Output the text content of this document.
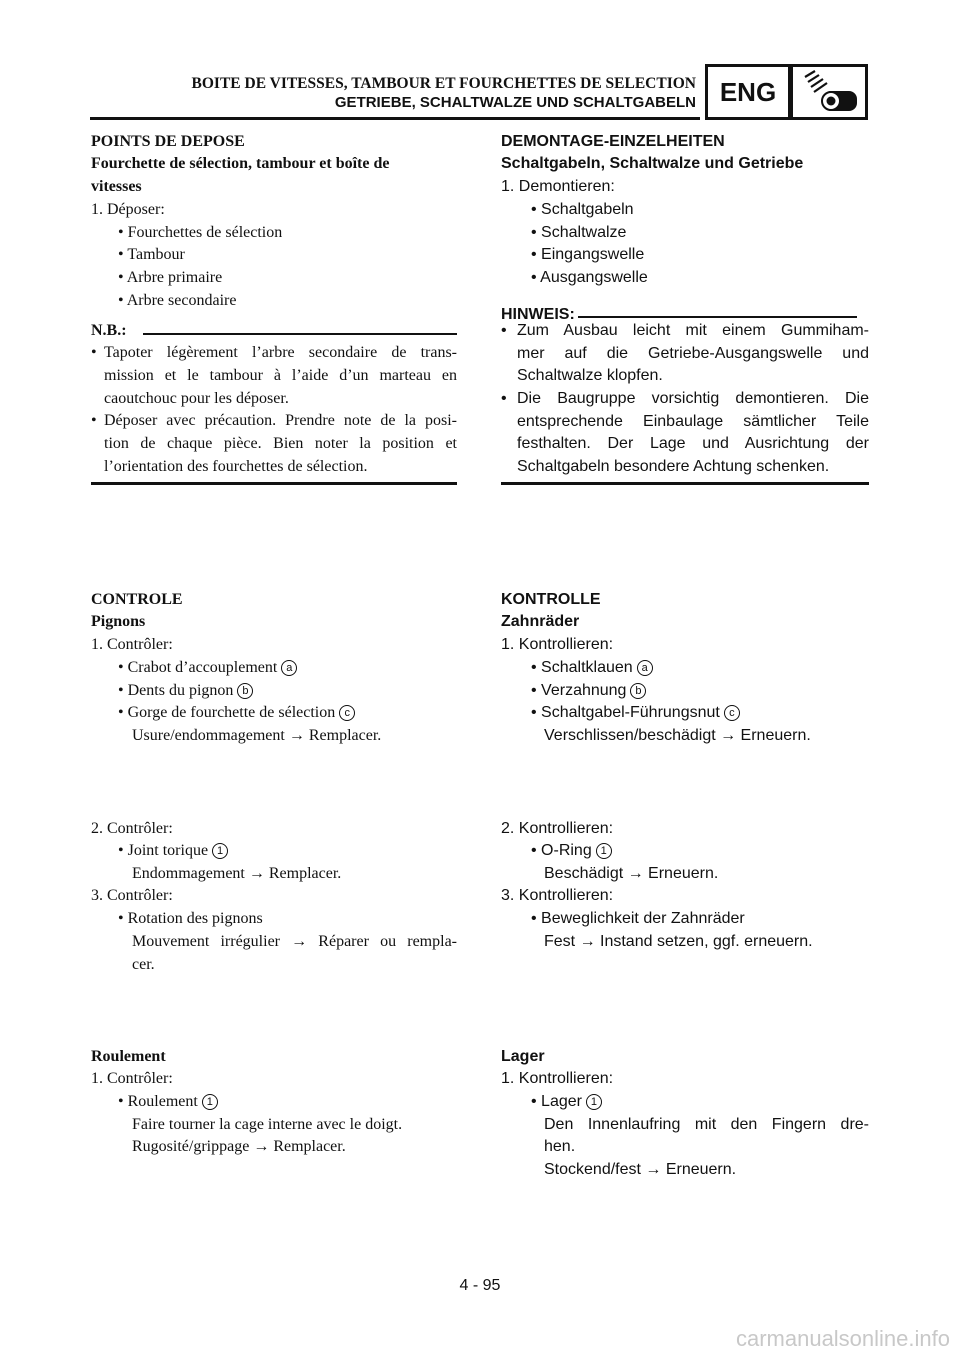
BOITE DE VITESSES, TAMBOUR ET FOURCHETTES DE SELECTION
GETRIEBE, SCHALTWALZE UND SCHALTGABELN ENG
POINTS DE DEPOSE
Fourchette de sélection, tambour et boîte de
vitesses
1. Déposer:
• Fourchettes de sélection
• Tambour
• Arbre primaire
• Arbre secondaire
N.B.:
• Tapoter légèrement l’arbre secondaire de trans-
mission et le tambour à l’aide d’un marteau en
caoutchouc pour les déposer.
• Déposer avec précaution. Prendre note de la posi-
tion de chaque pièce. Bien noter la position et
l’orientation des fourchettes de sélection.
CONTROLE
Pignons
1. Contrôler:
• Crabot d’accouplement a
• Dents du pignon b
• Gorge de fourchette de sélection c
Usure/endommagement → Remplacer.
2. Contrôler:
• Joint torique 1
Endommagement → Remplacer.
3. Contrôler:
• Rotation des pignons
Mouvement irrégulier → Réparer ou rempla-
cer.
Roulement
1. Contrôler:
• Roulement 1
Faire tourner la cage interne avec le doigt.
Rugosité/grippage → Remplacer.
DEMONTAGE-EINZELHEITEN
Schaltgabeln, Schaltwalze und Getriebe
1. Demontieren:
• Schaltgabeln
• Schaltwalze
• Eingangswelle
• Ausgangswelle
HINWEIS:
• Zum Ausbau leicht mit einem Gummiham-
mer auf die Getriebe-Ausgangswelle und
Schaltwalze klopfen.
• Die Baugruppe vorsichtig demontieren. Die
entsprechende Einbaulage sämtlicher Teile
festhalten. Der Lage und Ausrichtung der
Schaltgabeln besondere Achtung schenken.
KONTROLLE
Zahnräder
1. Kontrollieren:
• Schaltklauen a
• Verzahnung b
• Schaltgabel-Führungsnut c
Verschlissen/beschädigt → Erneuern.
2. Kontrollieren:
• O-Ring 1
Beschädigt → Erneuern.
3. Kontrollieren:
• Beweglichkeit der Zahnräder
Fest → Instand setzen, ggf. erneuern.
Lager
1. Kontrollieren:
• Lager 1
Den Innenlaufring mit den Fingern dre-
hen.
Stockend/fest → Erneuern.
4 - 95
carmanualsonline.info
